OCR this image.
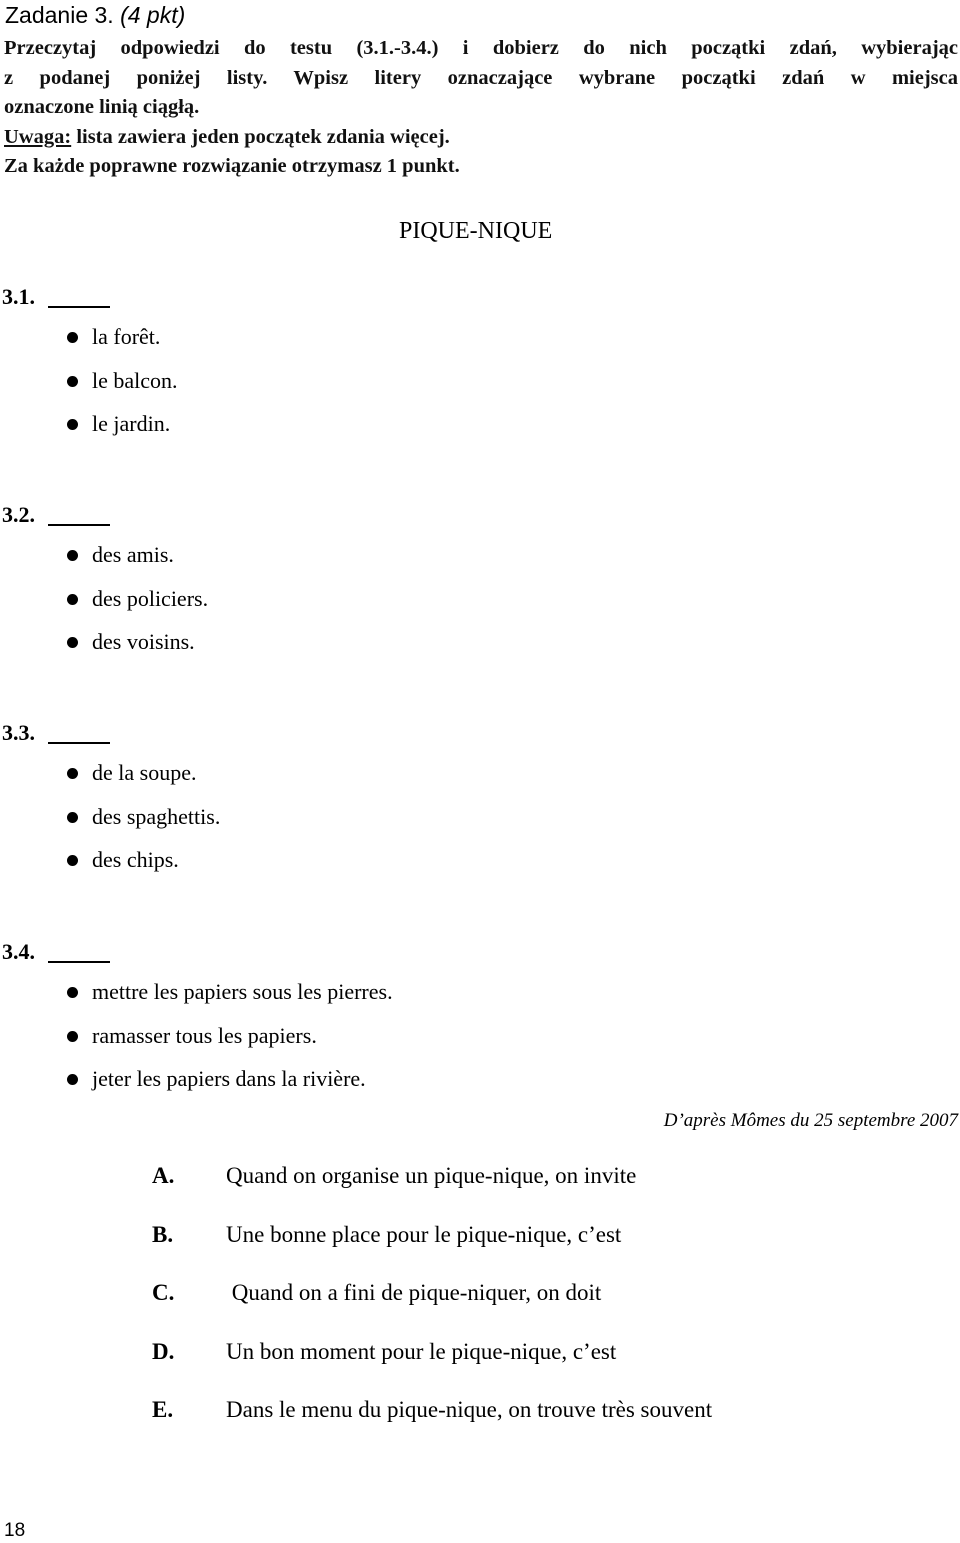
Zadanie 3. (4 pkt)
Przeczytaj odpowiedzi do testu (3.1.-3.4.) i dobierz do nich początki zdań, wybierając
z podanej poniżej listy. Wpisz litery oznaczające wybrane początki zdań w miejsca
oznaczone linią ciągłą.
Uwaga: lista zawiera jeden początek zdania więcej.
Za każde poprawne rozwiązanie otrzymasz 1 punkt.
PIQUE-NIQUE
3.1.
la forêt.
le balcon.
le jardin.
3.2.
des amis.
des policiers.
des voisins.
3.3.
de la soupe.
des spaghettis.
des chips.
3.4.
mettre les papiers sous les pierres.
ramasser tous les papiers.
jeter les papiers dans la rivière.
D’après Mômes du 25 septembre 2007
A. Quand on organise un pique-nique, on invite
B. Une bonne place pour le pique-nique, c’est
C. Quand on a fini de pique-niquer, on doit
D. Un bon moment pour le pique-nique, c’est
E. Dans le menu du pique-nique, on trouve très souvent
18
